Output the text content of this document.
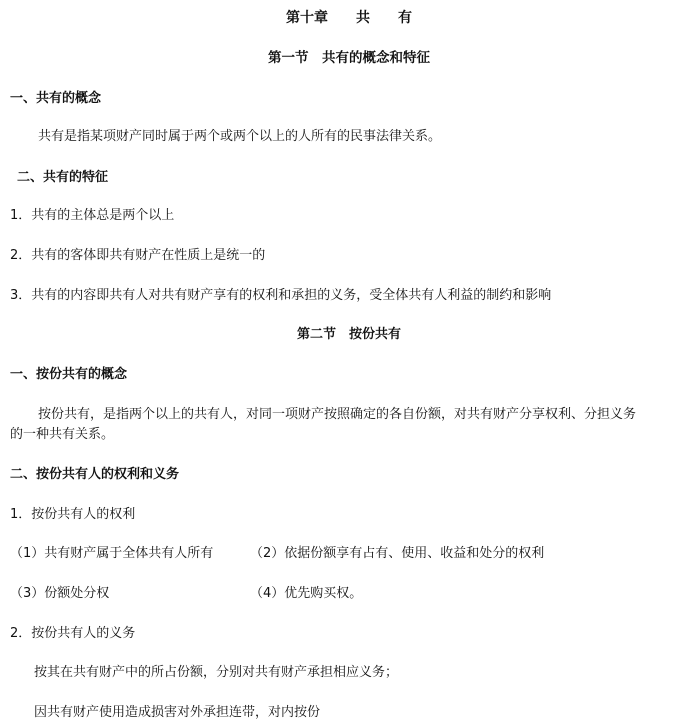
第十章 共 有
第一节　共有的概念和特征
一、共有的概念
共有是指某项财产同时属于两个或两个以上的人所有的民事法律关系。
二、共有的特征
1．共有的主体总是两个以上
2．共有的客体即共有财产在性质上是统一的
3．共有的内容即共有人对共有财产享有的权利和承担的义务，受全体共有人利益的制约和影响
第二节　按份共有
一、按份共有的概念
按份共有，是指两个以上的共有人，对同一项财产按照确定的各自份额，对共有财产分享权利、分担义务
的一种共有关系。
二、按份共有人的权利和义务
1．按份共有人的权利
（1）共有财产属于全体共有人所有	（2）依据份额享有占有、使用、收益和处分的权利
（3）份额处分权	（4）优先购买权。
2．按份共有人的义务
按其在共有财产中的所占份额，分别对共有财产承担相应义务；
因共有财产使用造成损害对外承担连带，对内按份
